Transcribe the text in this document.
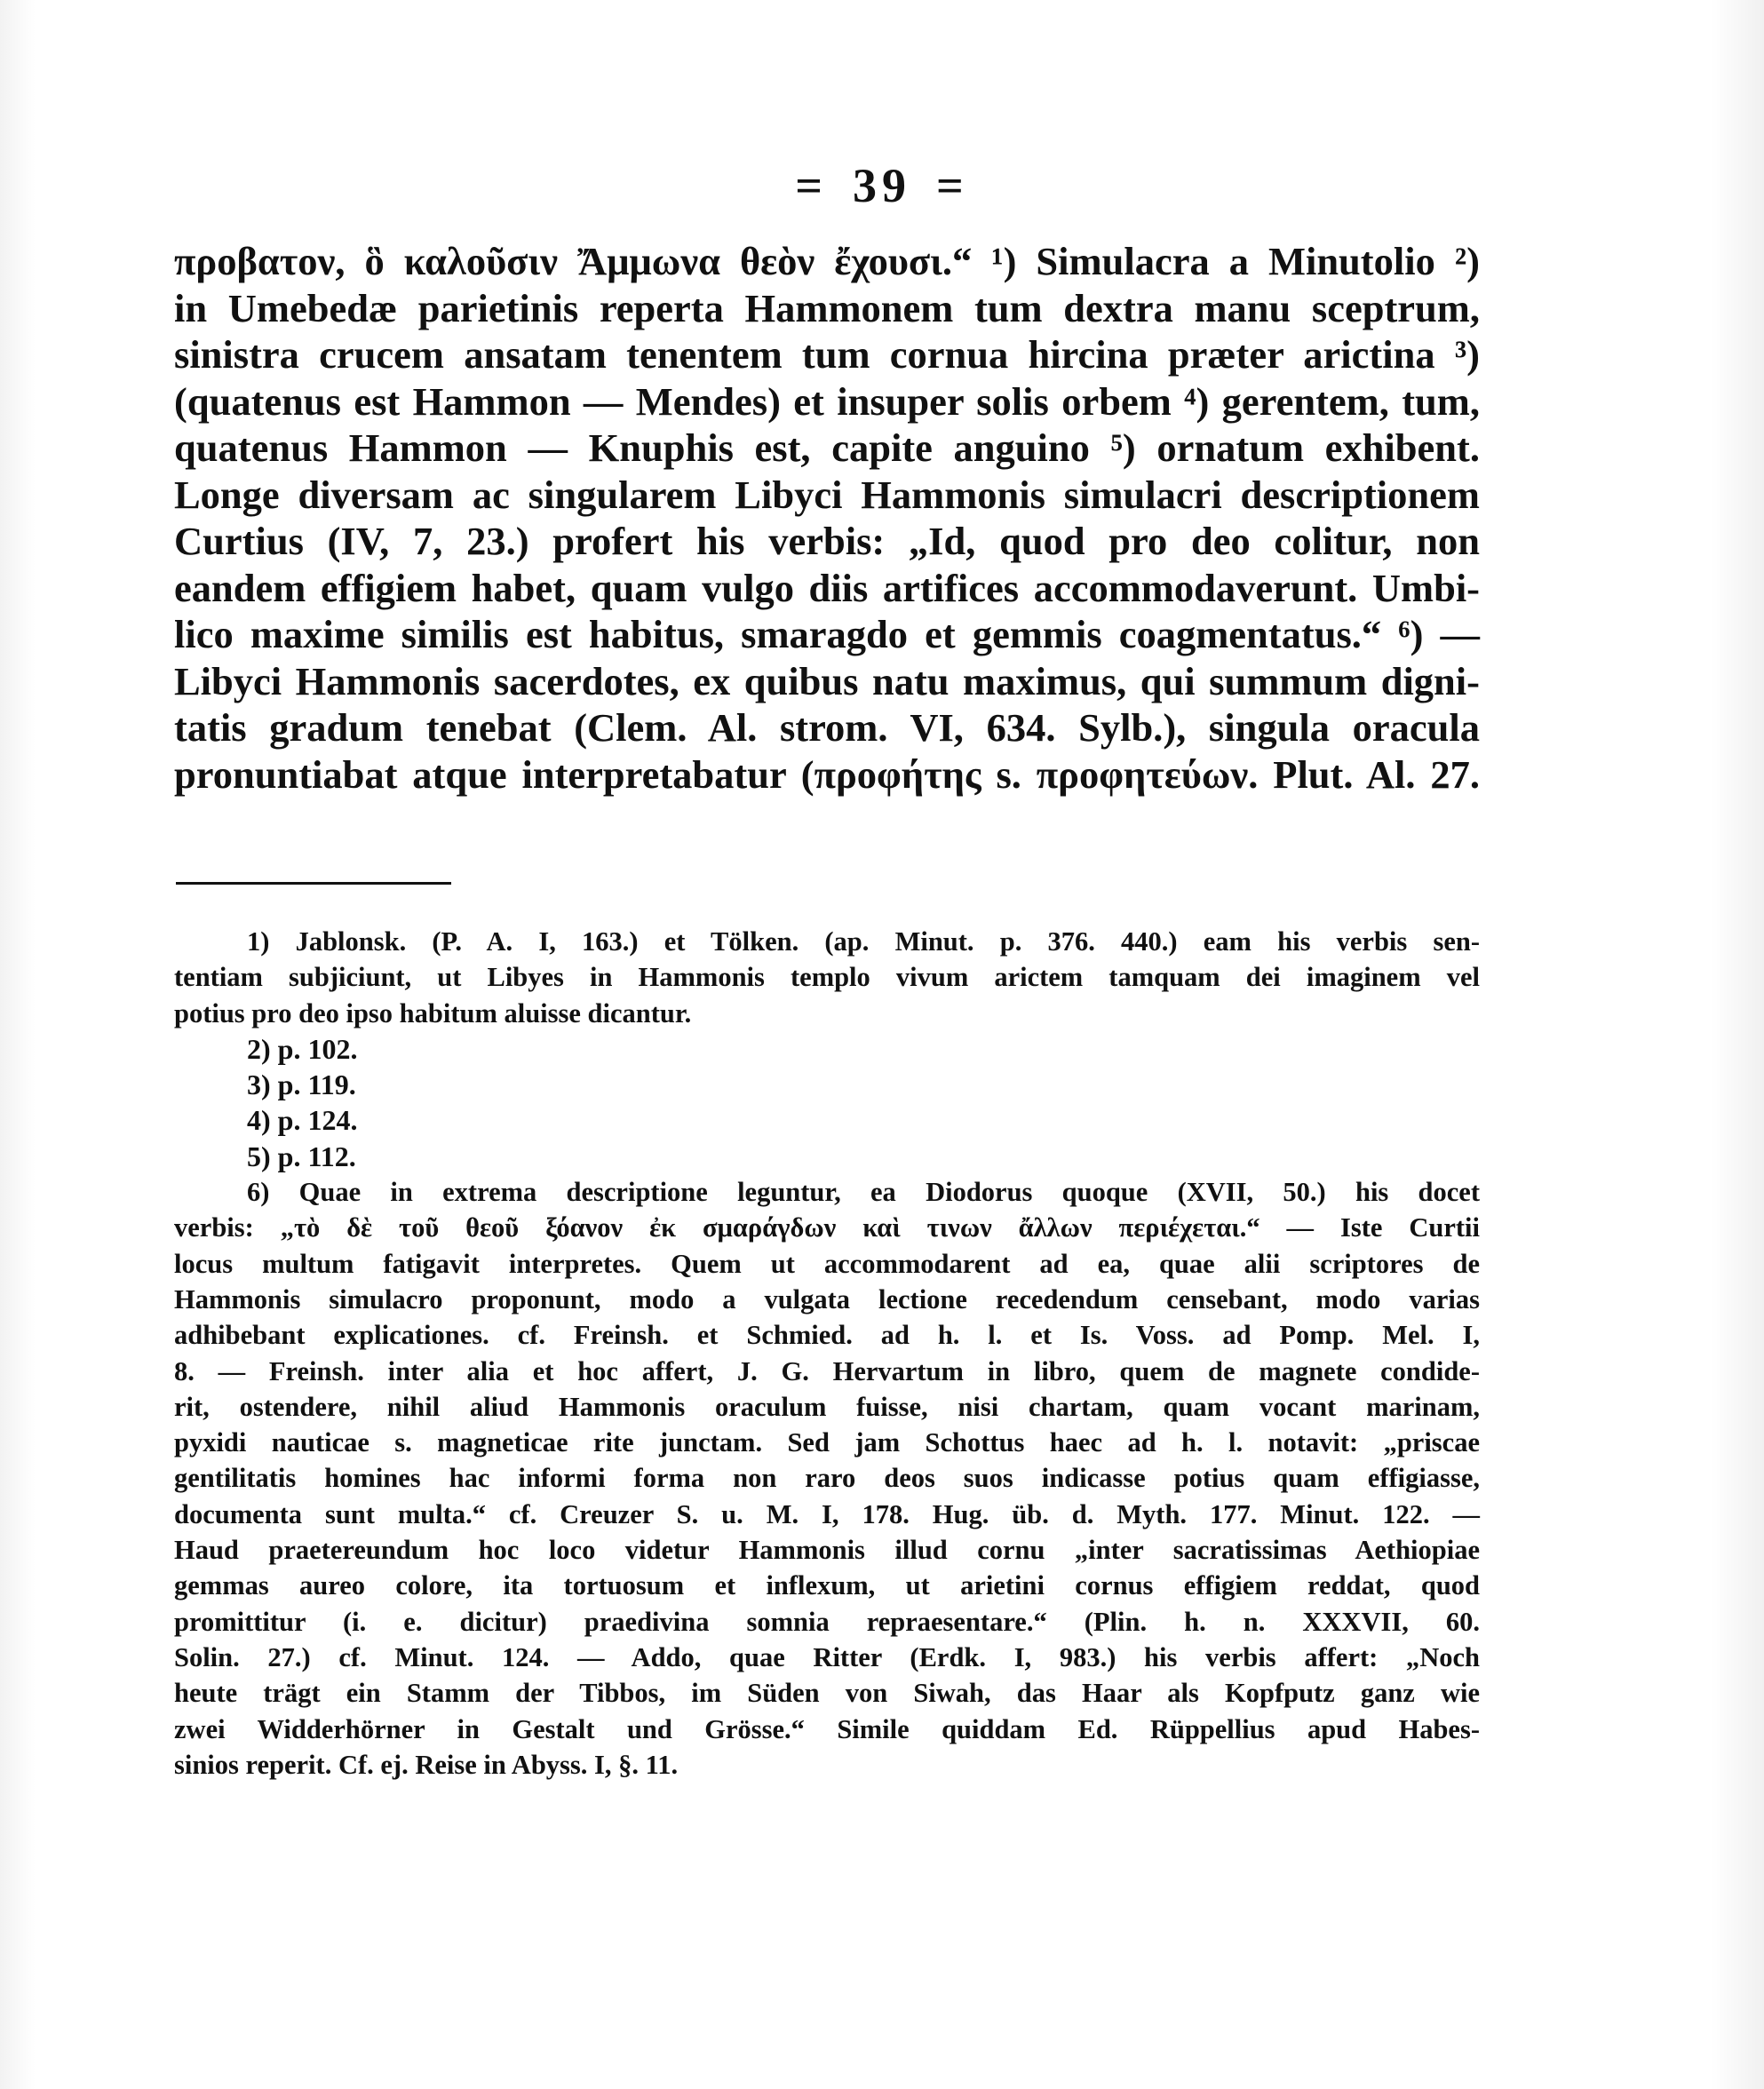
= 39 =
προβατον, ὃ καλοῦσιν Ἄμμωνα θεὸν ἔχουσι.“ ¹) Simulacra a Minutolio ²)
in Umebedæ parietinis reperta Hammonem tum dextra manu sceptrum,
sinistra crucem ansatam tenentem tum cornua hircina præter arictina ³)
(quatenus est Hammon — Mendes) et insuper solis orbem ⁴) gerentem, tum,
quatenus Hammon — Knuphis est, capite anguino ⁵) ornatum exhibent.
Longe diversam ac singularem Libyci Hammonis simulacri descriptionem
Curtius (IV, 7, 23.) profert his verbis: „Id, quod pro deo colitur, non
eandem effigiem habet, quam vulgo diis artifices accommodaverunt. Umbi-
lico maxime similis est habitus, smaragdo et gemmis coagmentatus.“ ⁶) —
Libyci Hammonis sacerdotes, ex quibus natu maximus, qui summum digni-
tatis gradum tenebat (Clem. Al. strom. VI, 634. Sylb.), singula oracula
pronuntiabat atque interpretabatur (προφήτης s. προφητεύων. Plut. Al. 27.
1) Jablonsk. (P. A. I, 163.) et Tölken. (ap. Minut. p. 376. 440.) eam his verbis sen-
tentiam subjiciunt, ut Libyes in Hammonis templo vivum arictem tamquam dei imaginem vel
potius pro deo ipso habitum aluisse dicantur.
2) p. 102.
3) p. 119.
4) p. 124.
5) p. 112.
6) Quae in extrema descriptione leguntur, ea Diodorus quoque (XVII, 50.) his docet
verbis: „τὸ δὲ τοῦ θεοῦ ξόανον ἐκ σμαράγδων καὶ τινων ἄλλων περιέχεται.“ — Iste Curtii
locus multum fatigavit interpretes. Quem ut accommodarent ad ea, quae alii scriptores de
Hammonis simulacro proponunt, modo a vulgata lectione recedendum censebant, modo varias
adhibebant explicationes. cf. Freinsh. et Schmied. ad h. l. et Is. Voss. ad Pomp. Mel. I,
8. — Freinsh. inter alia et hoc affert, J. G. Hervartum in libro, quem de magnete condide-
rit, ostendere, nihil aliud Hammonis oraculum fuisse, nisi chartam, quam vocant marinam,
pyxidi nauticae s. magneticae rite junctam. Sed jam Schottus haec ad h. l. notavit: „priscae
gentilitatis homines hac informi forma non raro deos suos indicasse potius quam effigiasse,
documenta sunt multa.“ cf. Creuzer S. u. M. I, 178. Hug. üb. d. Myth. 177. Minut. 122. —
Haud praetereundum hoc loco videtur Hammonis illud cornu „inter sacratissimas Aethiopiae
gemmas aureo colore, ita tortuosum et inflexum, ut arietini cornus effigiem reddat, quod
promittitur (i. e. dicitur) praedivina somnia repraesentare.“ (Plin. h. n. XXXVII, 60.
Solin. 27.) cf. Minut. 124. — Addo, quae Ritter (Erdk. I, 983.) his verbis affert: „Noch
heute trägt ein Stamm der Tibbos, im Süden von Siwah, das Haar als Kopfputz ganz wie
zwei Widderhörner in Gestalt und Grösse.“ Simile quiddam Ed. Rüppellius apud Habes-
sinios reperit. Cf. ej. Reise in Abyss. I, §. 11.
